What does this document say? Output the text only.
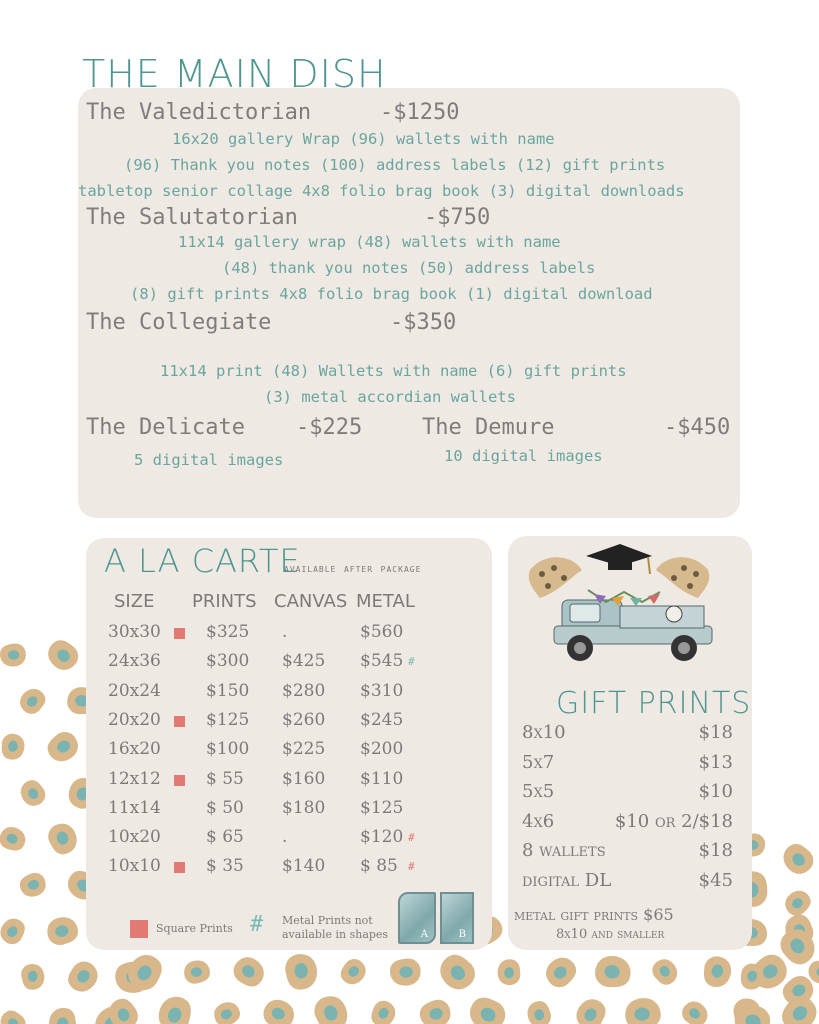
THE MAIN DISH
The Valedictorian	-$1250
16x20 gallery Wrap (96) wallets with name
(96) Thank you notes (100) address labels (12) gift prints
tabletop senior collage 4x8 folio brag book (3) digital downloads
The Salutatorian	-$750
11x14 gallery wrap (48) wallets with name
(48) thank you notes (50) address labels
(8) gift prints 4x8 folio brag book (1) digital download
The Collegiate	-$350
11x14 print (48) Wallets with name (6) gift prints
(3) metal accordian wallets
The Delicate -$225
5 digital images
The Demure	-$450
10 digital images
A LA CARTE
available after package
SIZE PRINTS CANVAS METAL
30x30	$325 .	$560
24x36	$300 $425 $545 #
20x24	$150 $280 $310
20x20	$125 $260 $245
16x20	$100 $225 $200
12x12	$ 55 $160 $110
11x14	$ 50 $180 $125
10x20	$ 65 .	$120 #
10x10	$ 35 $140 $ 85 #
Square Prints # Metal Prints not
available in shapes	A	B
GIFT PRINTS
8x10	$18
5x7	$13
5x5	$10
4x6	$10 or 2/$18
8 wallets	$18
digital DL	$45
metal gift prints $65
8x10 and smaller
